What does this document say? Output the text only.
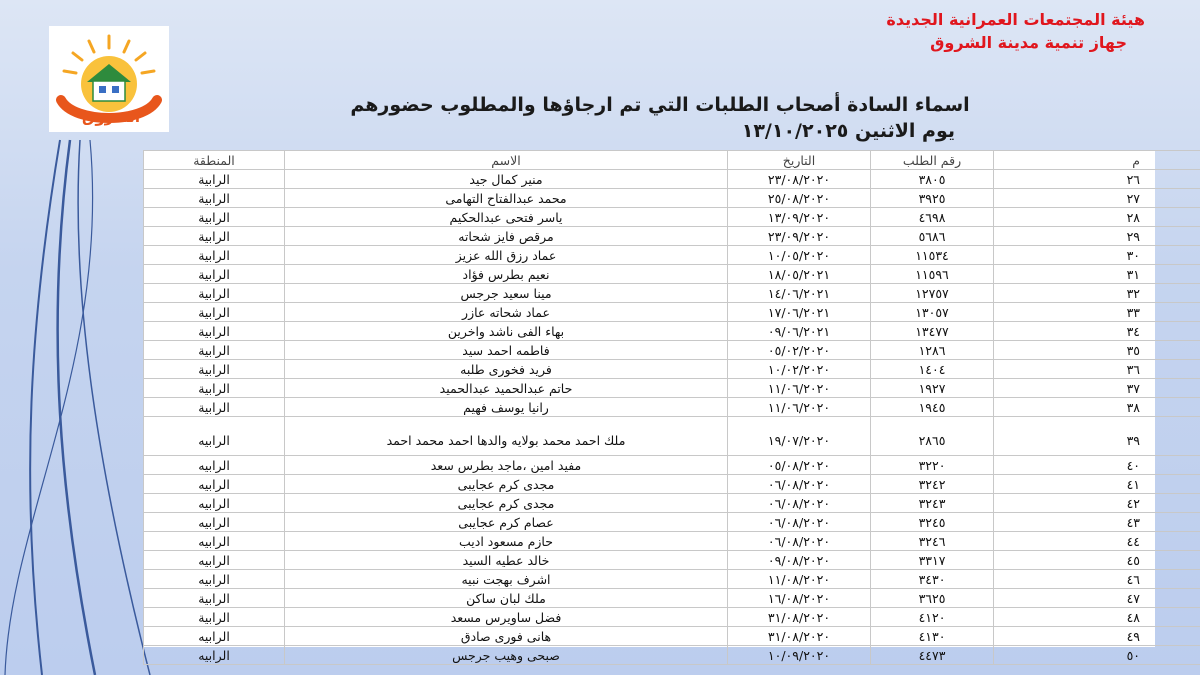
الشروق
هيئة المجتمعات العمرانية الجديدة
جهاز تنمية مدينة الشروق
اسماء السادة أصحاب الطلبات التي تم ارجاؤها والمطلوب حضورهم
يوم الاثنين ١٣/١٠/٢٠٢٥
م	رقم الطلب	التاريخ	الاسم	المنطقة
٢٦	٣٨٠٥	٢٣/٠٨/٢٠٢٠	منير كمال جيد	الرابية
٢٧	٣٩٢٥	٢٥/٠٨/٢٠٢٠	محمد عبدالفتاح التهامى	الرابية
٢٨	٤٦٩٨	١٣/٠٩/٢٠٢٠	ياسر فتحى عبدالحكيم	الرابية
٢٩	٥٦٨٦	٢٣/٠٩/٢٠٢٠	مرقص فايز شحاته	الرابية
٣٠	١١٥٣٤	١٠/٠٥/٢٠٢٠	عماد رزق الله عزيز	الرابية
٣١	١١٥٩٦	١٨/٠٥/٢٠٢١	نعيم بطرس فؤاد	الرابية
٣٢	١٢٧٥٧	١٤/٠٦/٢٠٢١	مينا سعيد جرجس	الرابية
٣٣	١٣٠٥٧	١٧/٠٦/٢٠٢١	عماد شحاته عازر	الرابية
٣٤	١٣٤٧٧	٠٩/٠٦/٢٠٢١	بهاء الفى ناشد واخرين	الرابية
٣٥	١٢٨٦	٠٥/٠٢/٢٠٢٠	فاطمه احمد سيد	الرابية
٣٦	١٤٠٤	١٠/٠٢/٢٠٢٠	فريد فخورى طلبه	الرابية
٣٧	١٩٢٧	١١/٠٦/٢٠٢٠	حاتم عبدالحميد عبدالحميد	الرابية
٣٨	١٩٤٥	١١/٠٦/٢٠٢٠	رانيا يوسف فهيم	الرابية
٣٩	٢٨٦٥	١٩/٠٧/٢٠٢٠	ملك احمد محمد بولايه والدها احمد محمد احمد	الرابيه
٤٠	٣٢٢٠	٠٥/٠٨/٢٠٢٠	مفيد امين ،ماجد بطرس سعد	الرابيه
٤١	٣٢٤٢	٠٦/٠٨/٢٠٢٠	مجدى كرم عجايبى	الرابيه
٤٢	٣٢٤٣	٠٦/٠٨/٢٠٢٠	مجدى كرم عجايبى	الرابيه
٤٣	٣٢٤٥	٠٦/٠٨/٢٠٢٠	عصام كرم عجايبى	الرابيه
٤٤	٣٢٤٦	٠٦/٠٨/٢٠٢٠	حازم مسعود اديب	الرابيه
٤٥	٣٣١٧	٠٩/٠٨/٢٠٢٠	خالد عطيه السيد	الرابيه
٤٦	٣٤٣٠	١١/٠٨/٢٠٢٠	اشرف بهجت نبيه	الرابيه
٤٧	٣٦٢٥	١٦/٠٨/٢٠٢٠	ملك لبان ساكن	الرابية
٤٨	٤١٢٠	٣١/٠٨/٢٠٢٠	فضل ساويرس مسعد	الرابية
٤٩	٤١٣٠	٣١/٠٨/٢٠٢٠	هانى فورى صادق	الرابيه
٥٠	٤٤٧٣	١٠/٠٩/٢٠٢٠	صبحى وهيب جرجس	الرابيه
